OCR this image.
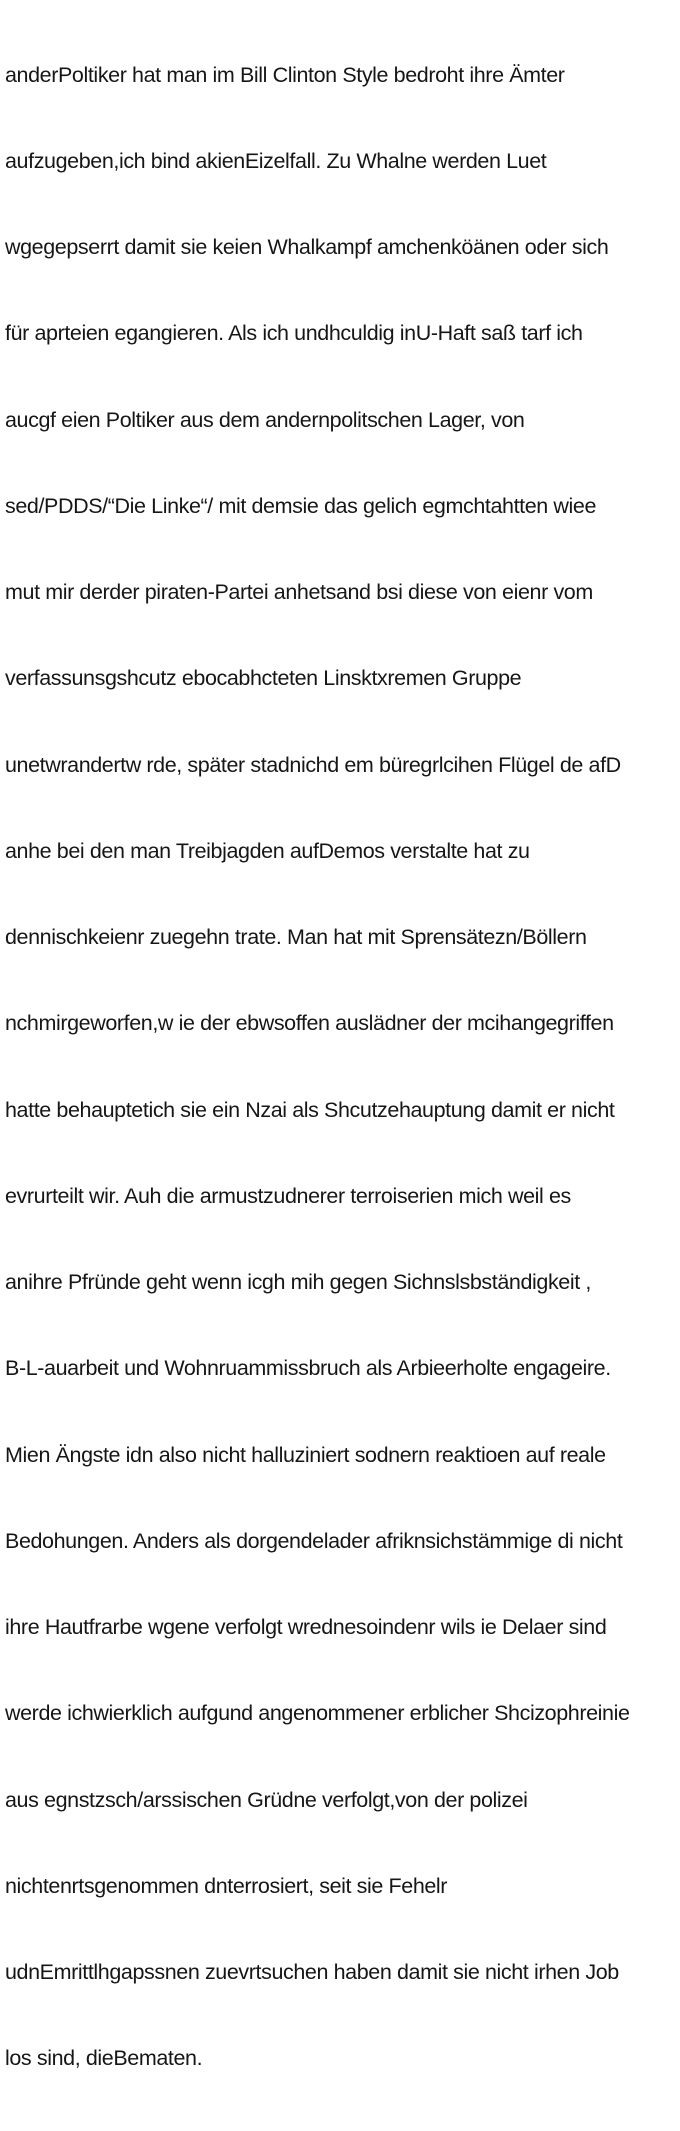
anderPoltiker hat man im Bill Clinton Style bedroht ihre Ämter

aufzugeben,ich bind akienEizelfall. Zu Whalne werden Luet

wgegepserrt damit sie keien Whalkampf amchenköänen oder sich

für aprteien egangieren. Als ich undhculdig inU-Haft saß tarf ich

aucgf eien Poltiker aus dem andernpolitschen Lager, von

sed/PDDS/“Die Linke“/ mit demsie das gelich egmchtahtten wiee

mut mir derder piraten-Partei anhetsand bsi diese von eienr vom

verfassunsgshcutz ebocabhcteten Linsktxremen Gruppe

unetwrandertw rde, später stadnichd em büregrlcihen Flügel de afD

anhe bei den man Treibjagden aufDemos verstalte hat zu

dennischkeienr zuegehn trate. Man hat mit Sprensätezn/Böllern

nchmirgeworfen,w ie der ebwsoffen auslädner der mcihangegriffen

hatte behauptetich sie ein Nzai als Shcutzehauptung damit er nicht

evrurteilt wir. Auh die armustzudnerer terroiserien mich weil es

anihre Pfründe geht wenn icgh mih gegen Sichnslsbständigkeit ,

B-L-auarbeit und Wohnruammissbruch als Arbieerholte engageire.

Mien Ängste idn also nicht halluziniert sodnern reaktioen auf reale

Bedohungen. Anders als dorgendelader afriknsichstämmige di nicht

ihre Hautfrarbe wgene verfolgt wrednesoindenr wils ie Delaer sind

werde ichwierklich aufgund angenommener erblicher Shcizophreinie

aus egnstzsch/arssischen Grüdne verfolgt,von der polizei

nichtenrtsgenommen dnterrosiert, seit sie Fehelr

udnEmrittlhgapssnen zuevrtsuchen haben damit sie nicht irhen Job

los sind, dieBematen.
